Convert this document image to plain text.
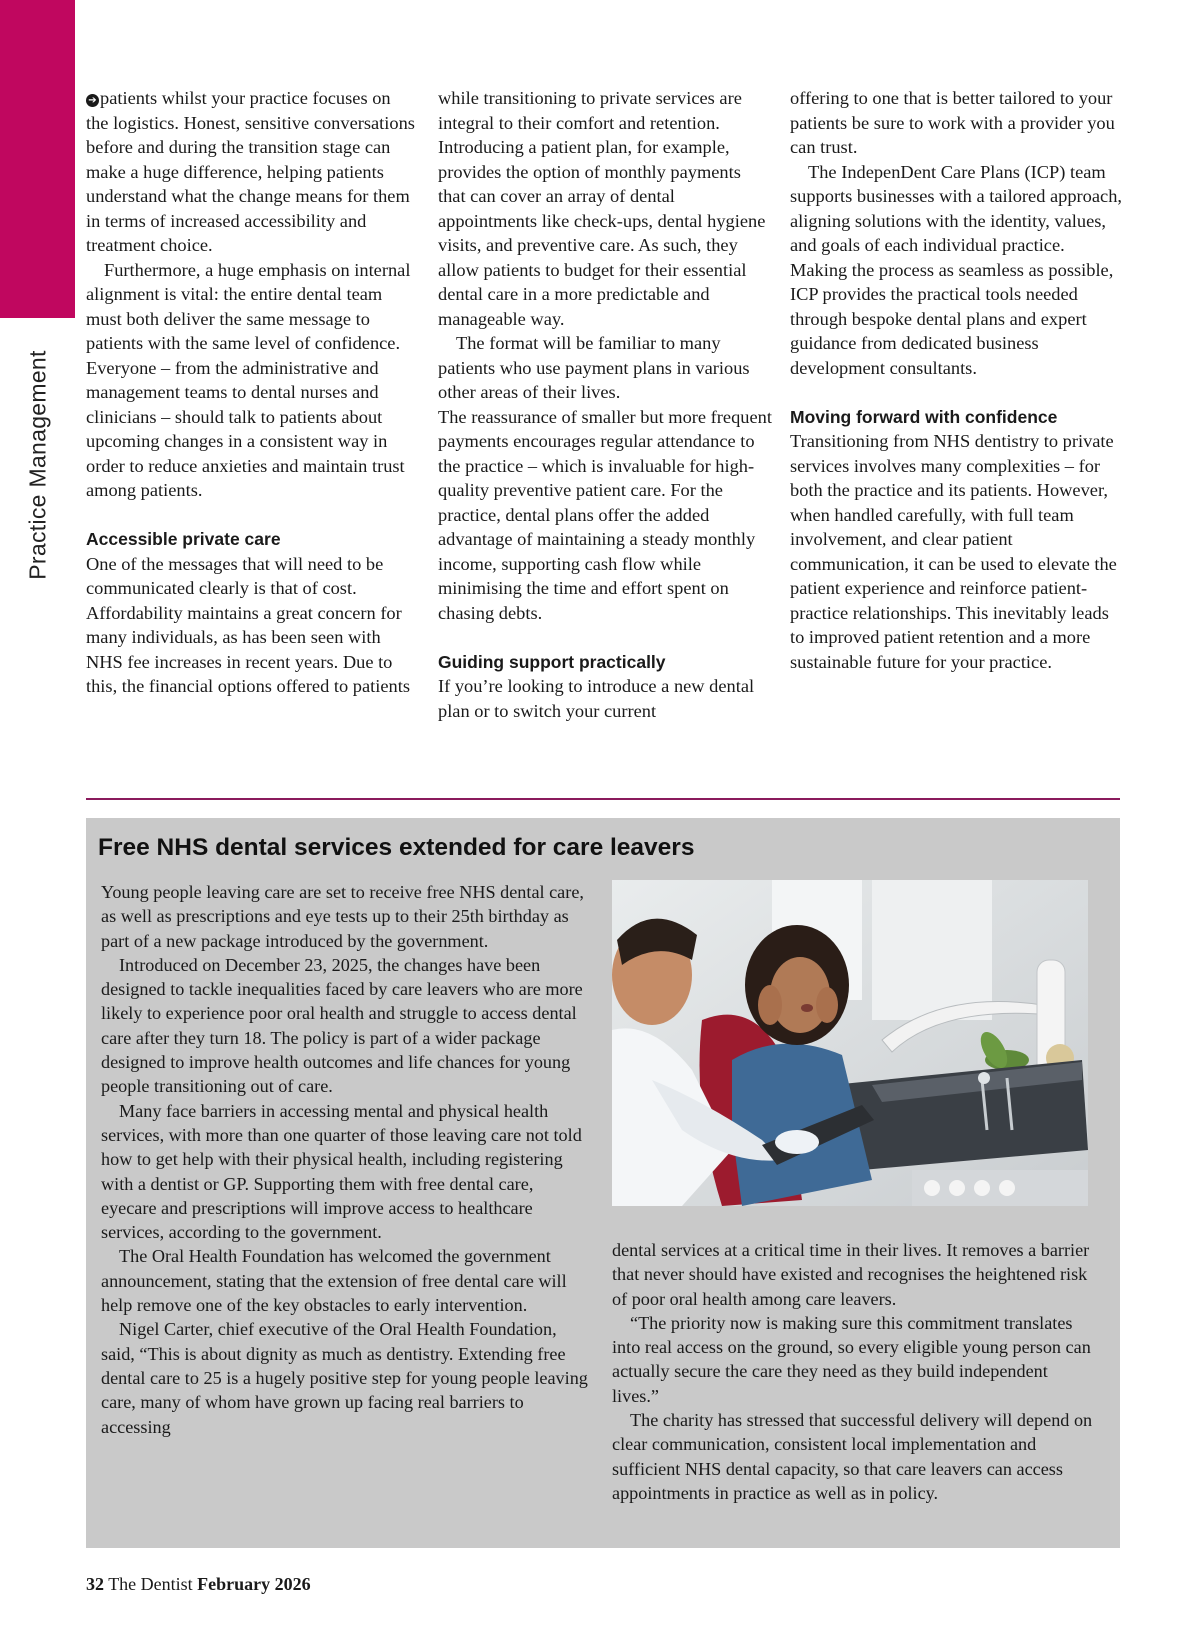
Practice Management

➔ patients whilst your practice focuses on the logistics. Honest, sensitive conversations before and during the transition stage can make a huge difference, helping patients understand what the change means for them in terms of increased accessibility and treatment choice.

Furthermore, a huge emphasis on internal alignment is vital: the entire dental team must both deliver the same message to patients with the same level of confidence. Everyone – from the administrative and management teams to dental nurses and clinicians – should talk to patients about upcoming changes in a consistent way in order to reduce anxieties and maintain trust among patients.

Accessible private care

One of the messages that will need to be communicated clearly is that of cost. Affordability maintains a great concern for many individuals, as has been seen with NHS fee increases in recent years. Due to this, the financial options offered to patients

while transitioning to private services are integral to their comfort and retention. Introducing a patient plan, for example, provides the option of monthly payments that can cover an array of dental appointments like check-ups, dental hygiene visits, and preventive care. As such, they allow patients to budget for their essential dental care in a more predictable and manageable way.

The format will be familiar to many patients who use payment plans in various other areas of their lives.

The reassurance of smaller but more frequent payments encourages regular attendance to the practice – which is invaluable for high-quality preventive patient care. For the practice, dental plans offer the added advantage of maintaining a steady monthly income, supporting cash flow while minimising the time and effort spent on chasing debts.

Guiding support practically

If you’re looking to introduce a new dental plan or to switch your current

offering to one that is better tailored to your patients be sure to work with a provider you can trust.

The IndepenDent Care Plans (ICP) team supports businesses with a tailored approach, aligning solutions with the identity, values, and goals of each individual practice. Making the process as seamless as possible, ICP provides the practical tools needed through bespoke dental plans and expert guidance from dedicated business development consultants.

Moving forward with confidence

Transitioning from NHS dentistry to private services involves many complexities – for both the practice and its patients. However, when handled carefully, with full team involvement, and clear patient communication, it can be used to elevate the patient experience and reinforce patient-practice relationships. This inevitably leads to improved patient retention and a more sustainable future for your practice.

Free NHS dental services extended for care leavers

Young people leaving care are set to receive free NHS dental care, as well as prescriptions and eye tests up to their 25th birthday as part of a new package introduced by the government.

Introduced on December 23, 2025, the changes have been designed to tackle inequalities faced by care leavers who are more likely to experience poor oral health and struggle to access dental care after they turn 18. The policy is part of a wider package designed to improve health outcomes and life chances for young people transitioning out of care.

Many face barriers in accessing mental and physical health services, with more than one quarter of those leaving care not told how to get help with their physical health, including registering with a dentist or GP. Supporting them with free dental care, eyecare and prescriptions will improve access to healthcare services, according to the government.

The Oral Health Foundation has welcomed the government announcement, stating that the extension of free dental care will help remove one of the key obstacles to early intervention.

Nigel Carter, chief executive of the Oral Health Foundation, said, “This is about dignity as much as dentistry. Extending free dental care to 25 is a hugely positive step for young people leaving care, many of whom have grown up facing real barriers to accessing

dental services at a critical time in their lives. It removes a barrier that never should have existed and recognises the heightened risk of poor oral health among care leavers.

“The priority now is making sure this commitment translates into real access on the ground, so every eligible young person can actually secure the care they need as they build independent lives.”

The charity has stressed that successful delivery will depend on clear communication, consistent local implementation and sufficient NHS dental capacity, so that care leavers can access appointments in practice as well as in policy.

32 The Dentist February 2026
